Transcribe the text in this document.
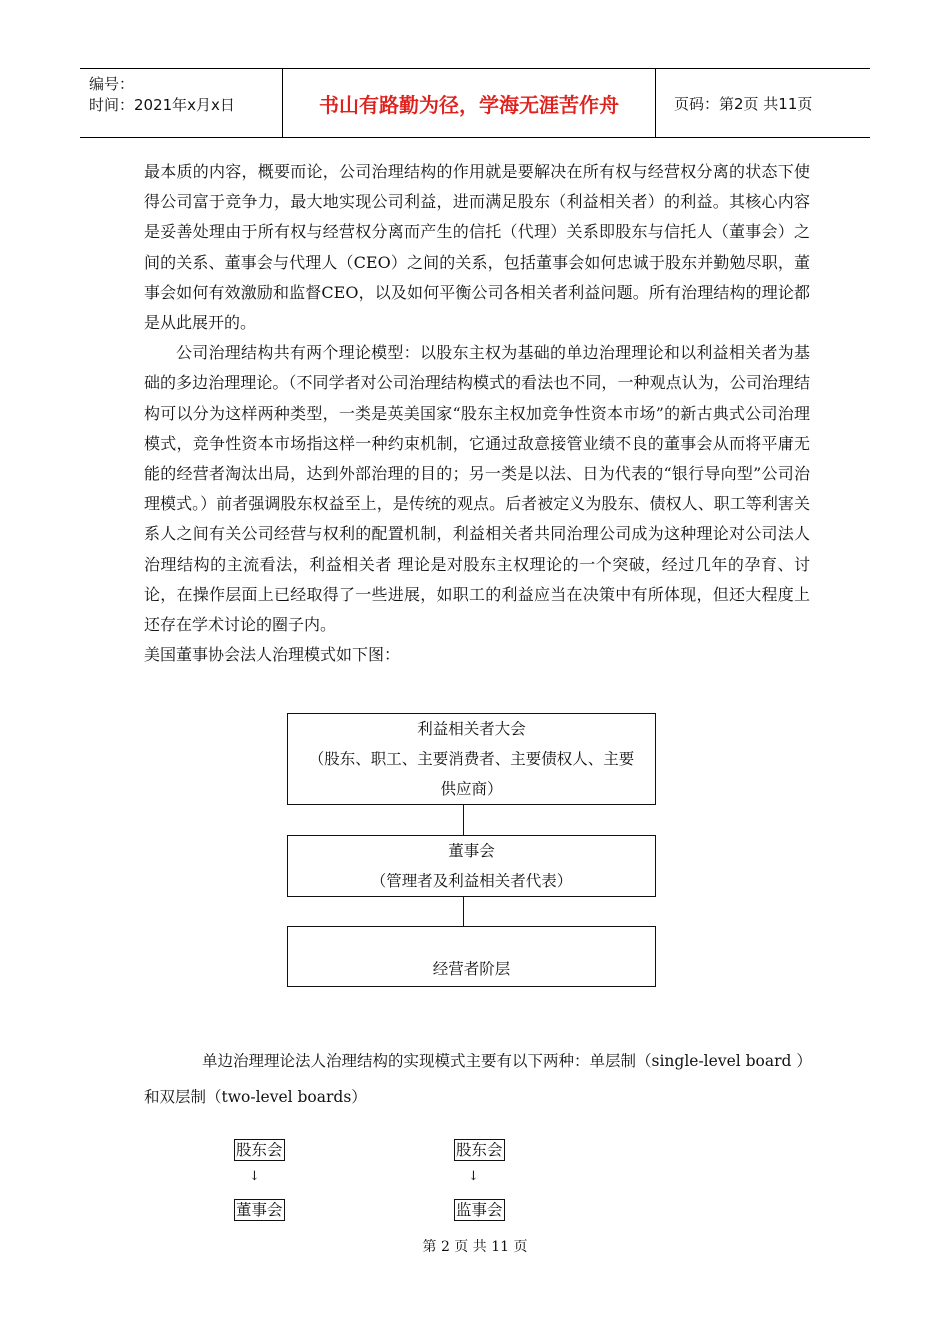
编号：
时间：2021年x月x日	书山有路勤为径，学海无涯苦作舟	页码：第2页 共11页

最本质的内容，概要而论，公司治理结构的作用就是要解决在所有权与经营权分离的状态下使得公司富于竞争力，最大地实现公司利益，进而满足股东（利益相关者）的利益。其核心内容是妥善处理由于所有权与经营权分离而产生的信托（代理）关系即股东与信托人（董事会）之间的关系、董事会与代理人（CEO）之间的关系，包括董事会如何忠诚于股东并勤勉尽职，董事会如何有效激励和监督CEO，以及如何平衡公司各相关者利益问题。所有治理结构的理论都是从此展开的。

公司治理结构共有两个理论模型：以股东主权为基础的单边治理理论和以利益相关者为基础的多边治理理论。（不同学者对公司治理结构模式的看法也不同，一种观点认为，公司治理结构可以分为这样两种类型，一类是英美国家“股东主权加竞争性资本市场”的新古典式公司治理模式，竞争性资本市场指这样一种约束机制，它通过敌意接管业绩不良的董事会从而将平庸无能的经营者淘汰出局，达到外部治理的目的；另一类是以法、日为代表的“银行导向型”公司治理模式。）前者强调股东权益至上，是传统的观点。后者被定义为股东、债权人、职工等利害关系人之间有关公司经营与权利的配置机制，利益相关者共同治理公司成为这种理论对公司法人治理结构的主流看法，利益相关者 理论是对股东主权理论的一个突破，经过几年的孕育、讨论，在操作层面上已经取得了一些进展，如职工的利益应当在决策中有所体现，但还大程度上还存在学术讨论的圈子内。

美国董事协会法人治理模式如下图：

利益相关者大会
（股东、职工、主要消费者、主要债权人、主要供应商）
董事会
（管理者及利益相关者代表）
经营者阶层
单边治理理论法人治理结构的实现模式主要有以下两种：单层制（single-level board ）和双层制（two-level boards）
股东会
↓
董事会
股东会
↓
监事会
第 2 页 共 11 页
